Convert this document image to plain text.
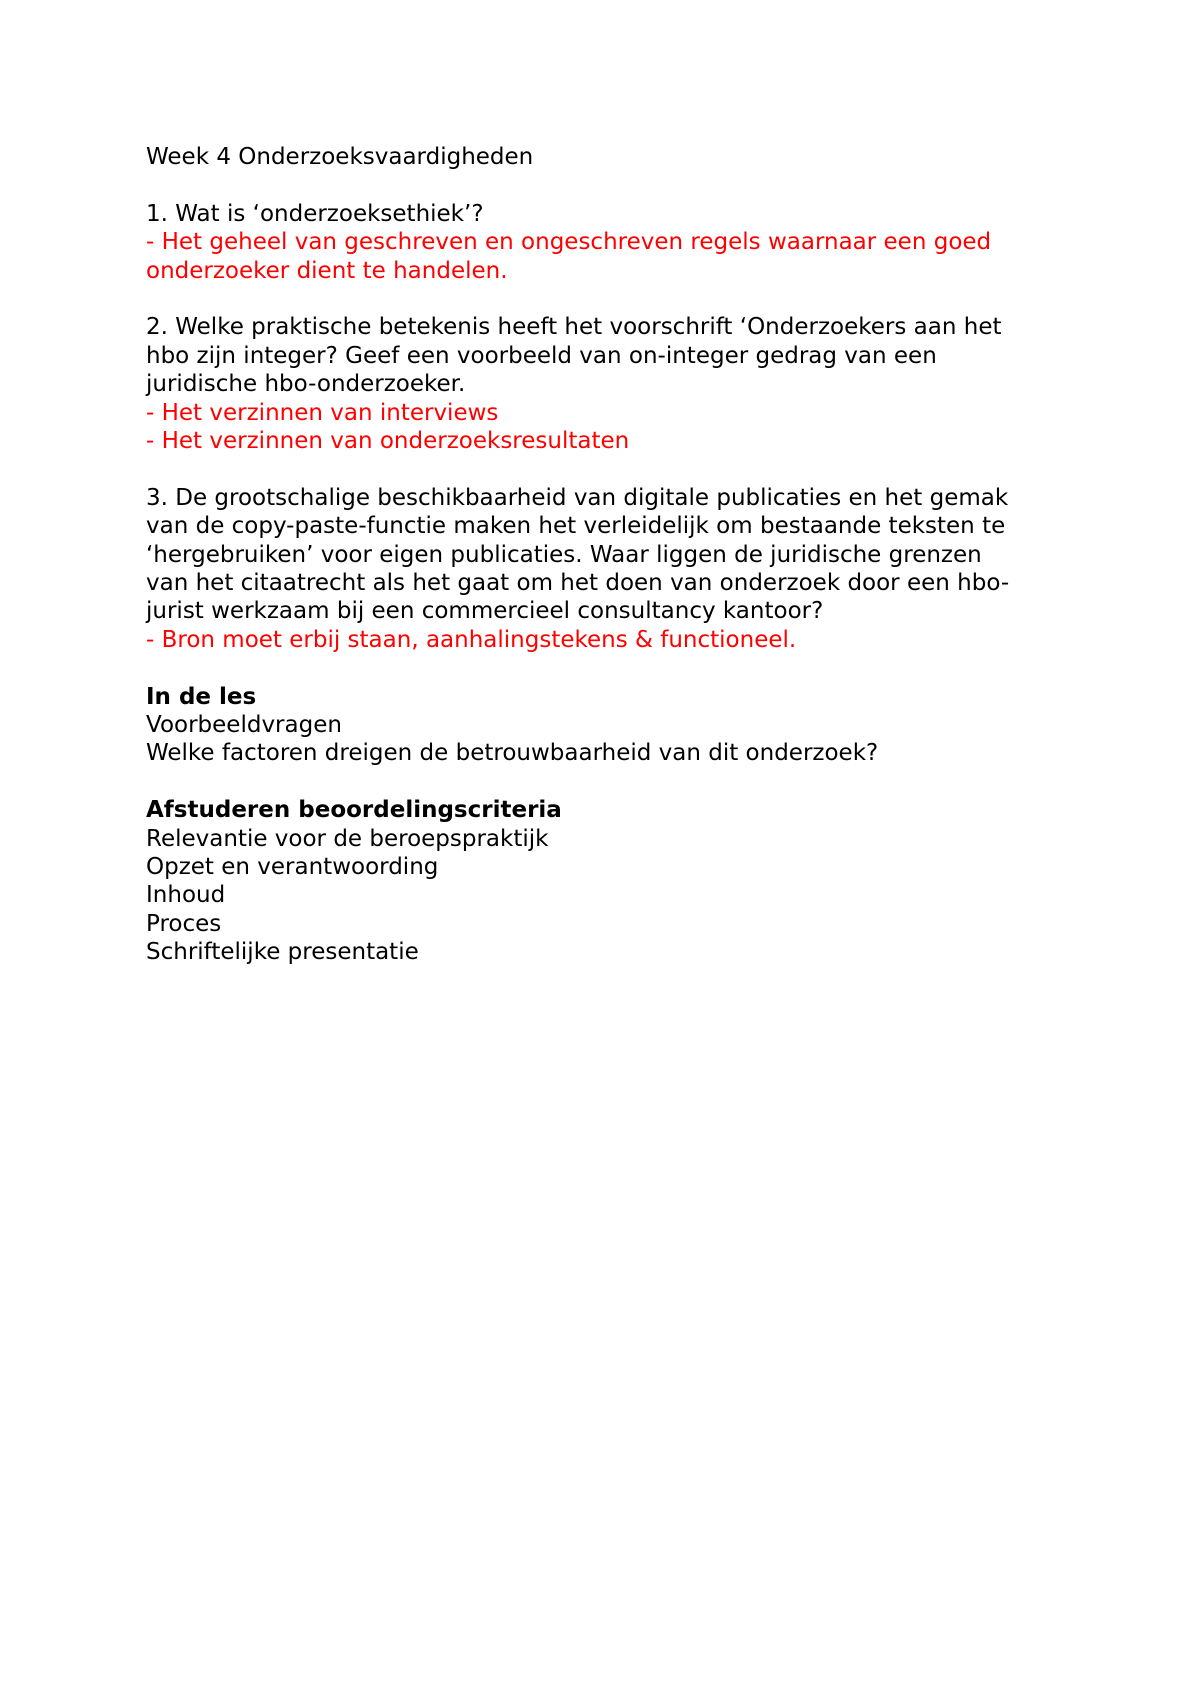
Week 4 Onderzoeksvaardigheden
1. Wat is ‘onderzoeksethiek’?
- Het geheel van geschreven en ongeschreven regels waarnaar een goed
onderzoeker dient te handelen.
2. Welke praktische betekenis heeft het voorschrift ‘Onderzoekers aan het
hbo zijn integer? Geef een voorbeeld van on-integer gedrag van een
juridische hbo-onderzoeker.
- Het verzinnen van interviews
- Het verzinnen van onderzoeksresultaten
3. De grootschalige beschikbaarheid van digitale publicaties en het gemak
van de copy-paste-functie maken het verleidelijk om bestaande teksten te
‘hergebruiken’ voor eigen publicaties. Waar liggen de juridische grenzen
van het citaatrecht als het gaat om het doen van onderzoek door een hbo-
jurist werkzaam bij een commercieel consultancy kantoor?
- Bron moet erbij staan, aanhalingstekens & functioneel.
In de les
Voorbeeldvragen
Welke factoren dreigen de betrouwbaarheid van dit onderzoek?
Afstuderen beoordelingscriteria
Relevantie voor de beroepspraktijk
Opzet en verantwoording
Inhoud
Proces
Schriftelijke presentatie
